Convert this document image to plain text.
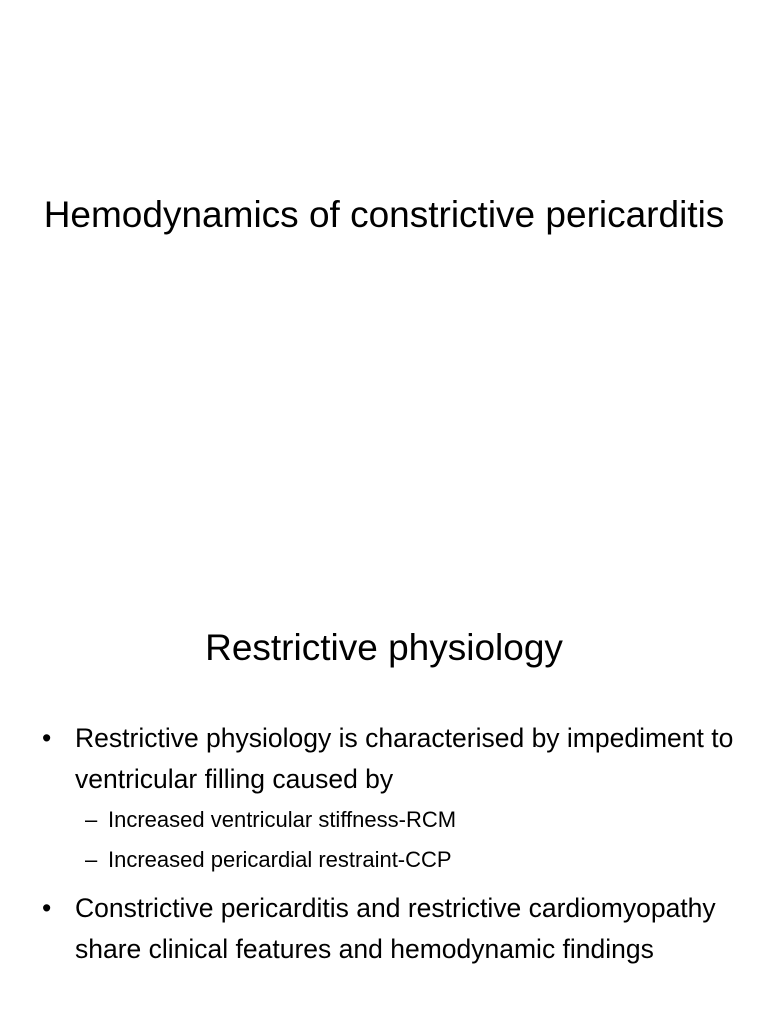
Hemodynamics of constrictive pericarditis
Restrictive physiology
• Restrictive physiology is characterised by impediment to ventricular filling caused by
– Increased ventricular stiffness-RCM
– Increased pericardial restraint-CCP
• Constrictive pericarditis and restrictive cardiomyopathy share clinical features and hemodynamic findings
